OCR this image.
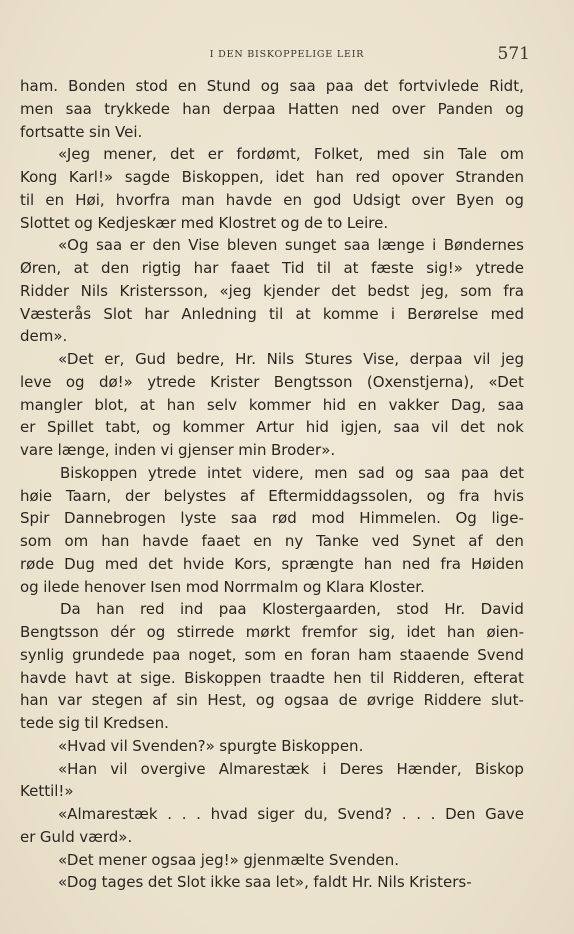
I DEN BISKOPPELIGE LEIR	571
ham. Bonden stod en Stund og saa paa det fortvivlede Ridt,
men saa trykkede han derpaa Hatten ned over Panden og
fortsatte sin Vei.
«Jeg mener, det er fordømt, Folket, med sin Tale om
Kong Karl!» sagde Biskoppen, idet han red opover Stranden
til en Høi, hvorfra man havde en god Udsigt over Byen og
Slottet og Kedjeskær med Klostret og de to Leire.
«Og saa er den Vise bleven sunget saa længe i Bøndernes
Øren, at den rigtig har faaet Tid til at fæste sig!» ytrede
Ridder Nils Kristersson, «jeg kjender det bedst jeg, som fra
Væsterås Slot har Anledning til at komme i Berørelse med
dem».
«Det er, Gud bedre, Hr. Nils Stures Vise, derpaa vil jeg
leve og dø!» ytrede Krister Bengtsson (Oxenstjerna), «Det
mangler blot, at han selv kommer hid en vakker Dag, saa
er Spillet tabt, og kommer Artur hid igjen, saa vil det nok
vare længe, inden vi gjenser min Broder».
Biskoppen ytrede intet videre, men sad og saa paa det
høie Taarn, der belystes af Eftermiddagssolen, og fra hvis
Spir Dannebrogen lyste saa rød mod Himmelen. Og lige-
som om han havde faaet en ny Tanke ved Synet af den
røde Dug med det hvide Kors, sprængte han ned fra Høiden
og ilede henover Isen mod Norrmalm og Klara Kloster.
Da han red ind paa Klostergaarden, stod Hr. David
Bengtsson dér og stirrede mørkt fremfor sig, idet han øien-
synlig grundede paa noget, som en foran ham staaende Svend
havde havt at sige. Biskoppen traadte hen til Ridderen, efterat
han var stegen af sin Hest, og ogsaa de øvrige Riddere slut-
tede sig til Kredsen.
«Hvad vil Svenden?» spurgte Biskoppen.
«Han vil overgive Almarestæk i Deres Hænder, Biskop
Kettil!»
«Almarestæk . . . hvad siger du, Svend? . . . Den Gave
er Guld værd».
«Det mener ogsaa jeg!» gjenmælte Svenden.
«Dog tages det Slot ikke saa let», faldt Hr. Nils Kristers-
